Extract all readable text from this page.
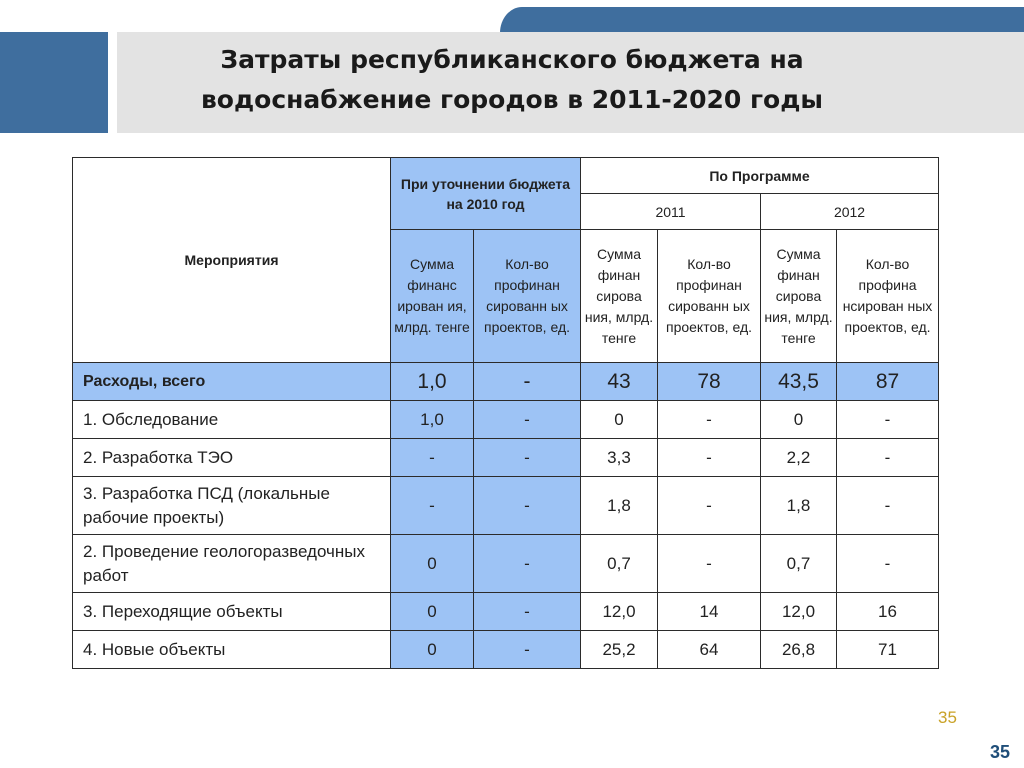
Затраты республиканского бюджета на
водоснабжение городов в 2011-2020 годы
Мероприятия	При уточнении бюджета на 2010 год		По Программе			
			2011		2012	
	Сумма финанс ирован ия, млрд. тенге	Кол-во профинан сированн ых проектов, ед.	Сумма финан сирова ния, млрд. тенге	Кол-во профинан сированн ых проектов, ед.	Сумма финан сирова ния, млрд. тенге	Кол-во профина нсирован ных проектов, ед.
Расходы, всего	1,0	-	43	78	43,5	87
1. Обследование	1,0	-	0	-	0	-
2. Разработка ТЭО	-	-	3,3	-	2,2	-
3. Разработка ПСД (локальные рабочие проекты)	-	-	1,8	-	1,8	-
2. Проведение геологоразведочных работ	0	-	0,7	-	0,7	-
3. Переходящие объекты	0	-	12,0	14	12,0	16
4. Новые объекты	0	-	25,2	64	26,8	71
35
35
